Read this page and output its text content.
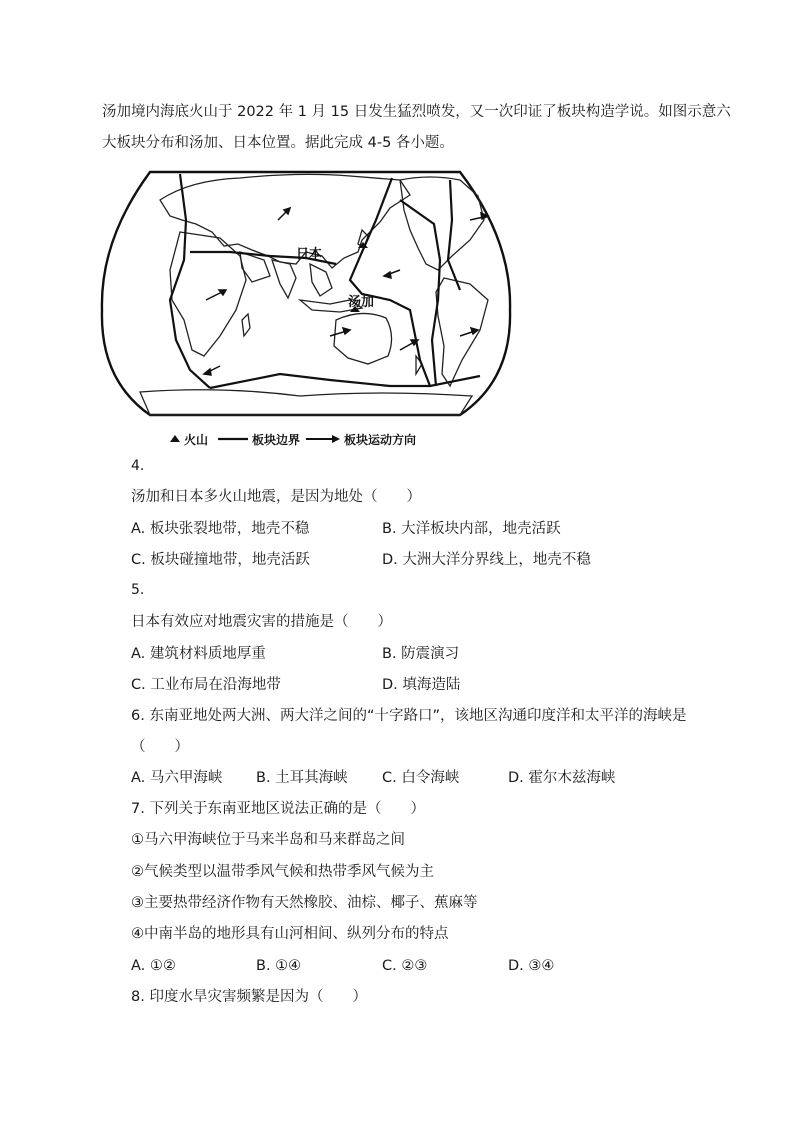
汤加境内海底火山于 2022 年 1 月 15 日发生猛烈喷发，又一次印证了板块构造学说。如图示意六
大板块分布和汤加、日本位置。据此完成 4-5 各小题。
日本
汤加
火山	板块边界	板块运动方向
4.
汤加和日本多火山地震，是因为地处（　　）
A. 板块张裂地带，地壳不稳	B. 大洋板块内部，地壳活跃
C. 板块碰撞地带，地壳活跃	D. 大洲大洋分界线上，地壳不稳
5.
日本有效应对地震灾害的措施是（　　）
A. 建筑材料质地厚重	B. 防震演习
C. 工业布局在沿海地带	D. 填海造陆
6. 东南亚地处两大洲、两大洋之间的“十字路口”，该地区沟通印度洋和太平洋的海峡是
（　　）
A. 马六甲海峡 B. 土耳其海峡 C. 白令海峡	D. 霍尔木兹海峡
7. 下列关于东南亚地区说法正确的是（　　）
①马六甲海峡位于马来半岛和马来群岛之间
②气候类型以温带季风气候和热带季风气候为主
③主要热带经济作物有天然橡胶、油棕、椰子、蕉麻等
④中南半岛的地形具有山河相间、纵列分布的特点
A. ①②	B. ①④	C. ②③	D. ③④
8. 印度水旱灾害频繁是因为（　　）
